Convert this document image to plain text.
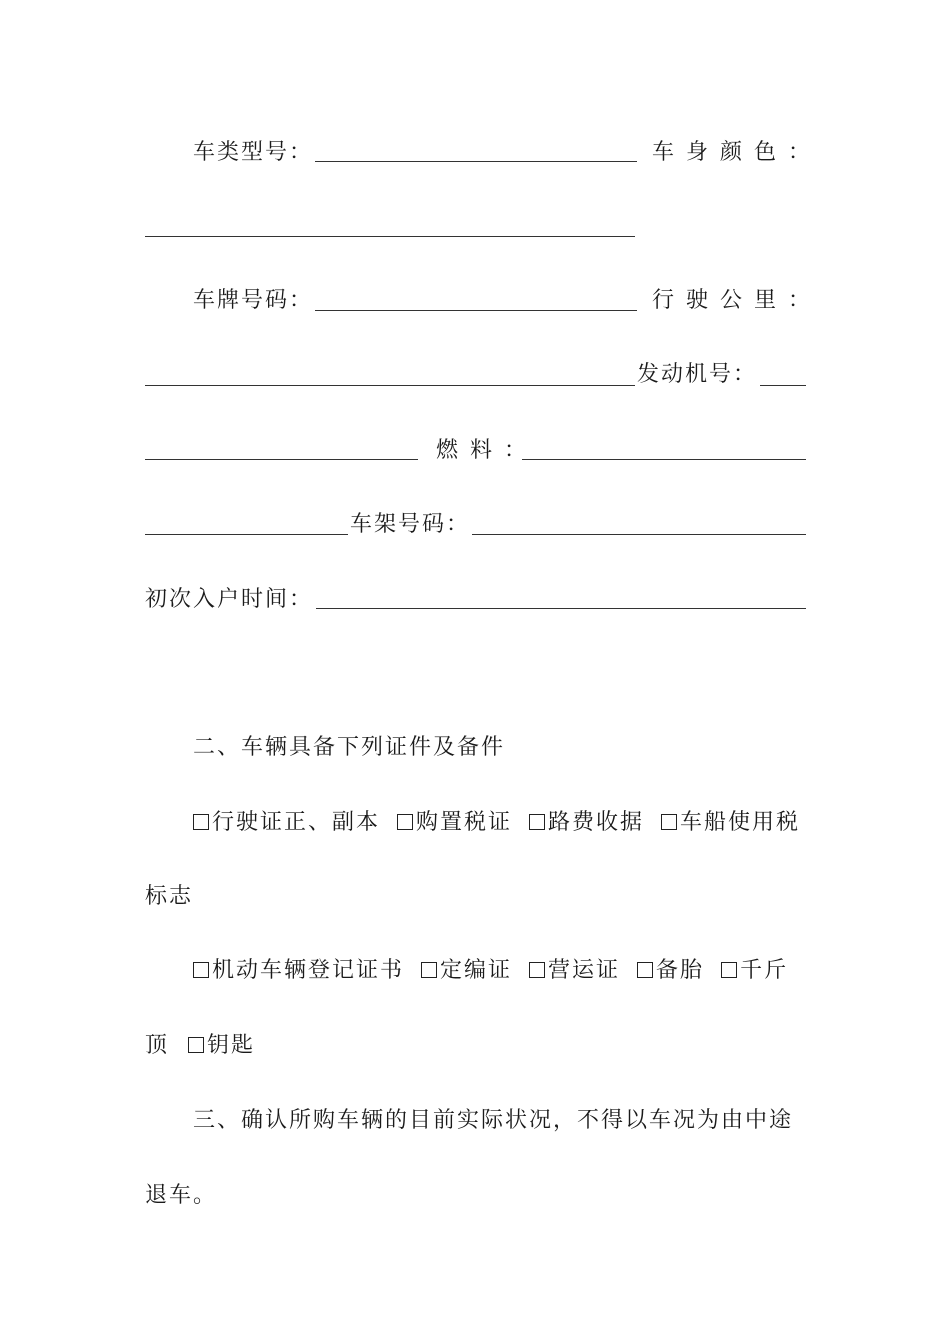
车类型号：	车身颜色：
车牌号码：	行驶公里：
发动机号：
燃料：
车架号码：
初次入户时间：
二、车辆具备下列证件及备件
行驶证正、副本 购置税证 路费收据 车船使用税
标志
机动车辆登记证书 定编证 营运证 备胎 千斤
顶 钥匙
三、确认所购车辆的目前实际状况，不得以车况为由中途
退车。
